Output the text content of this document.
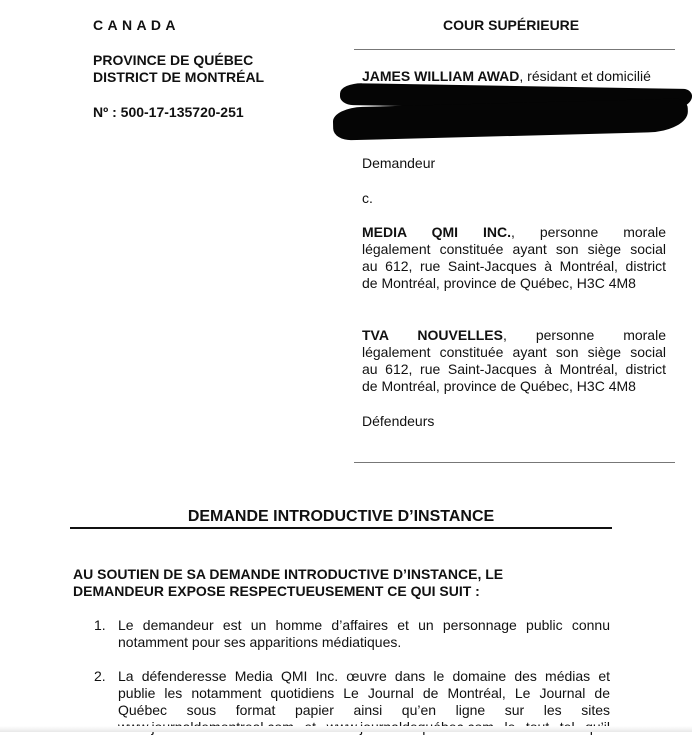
C A N A D A
PROVINCE DE QUÉBEC
DISTRICT DE MONTRÉAL
Nº : 500-17-135720-251
COUR SUPÉRIEURE
JAMES WILLIAM AWAD, résidant et domicilié
Demandeur
c.
MEDIA QMI INC., personne morale
légalement constituée ayant son siège social
au 612, rue Saint-Jacques à Montréal, district
de Montréal, province de Québec, H3C 4M8
TVA NOUVELLES, personne morale
légalement constituée ayant son siège social
au 612, rue Saint-Jacques à Montréal, district
de Montréal, province de Québec, H3C 4M8
Défendeurs
DEMANDE INTRODUCTIVE D’INSTANCE
AU SOUTIEN DE SA DEMANDE INTRODUCTIVE D’INSTANCE, LE
DEMANDEUR EXPOSE RESPECTUEUSEMENT CE QUI SUIT :
1. Le demandeur est un homme d’affaires et un personnage public connu
notamment pour ses apparitions médiatiques.
2. La défenderesse Media QMI Inc. œuvre dans le domaine des médias et
publie les notamment quotidiens Le Journal de Montréal, Le Journal de
Québec sous format papier ainsi qu’en ligne sur les sites
